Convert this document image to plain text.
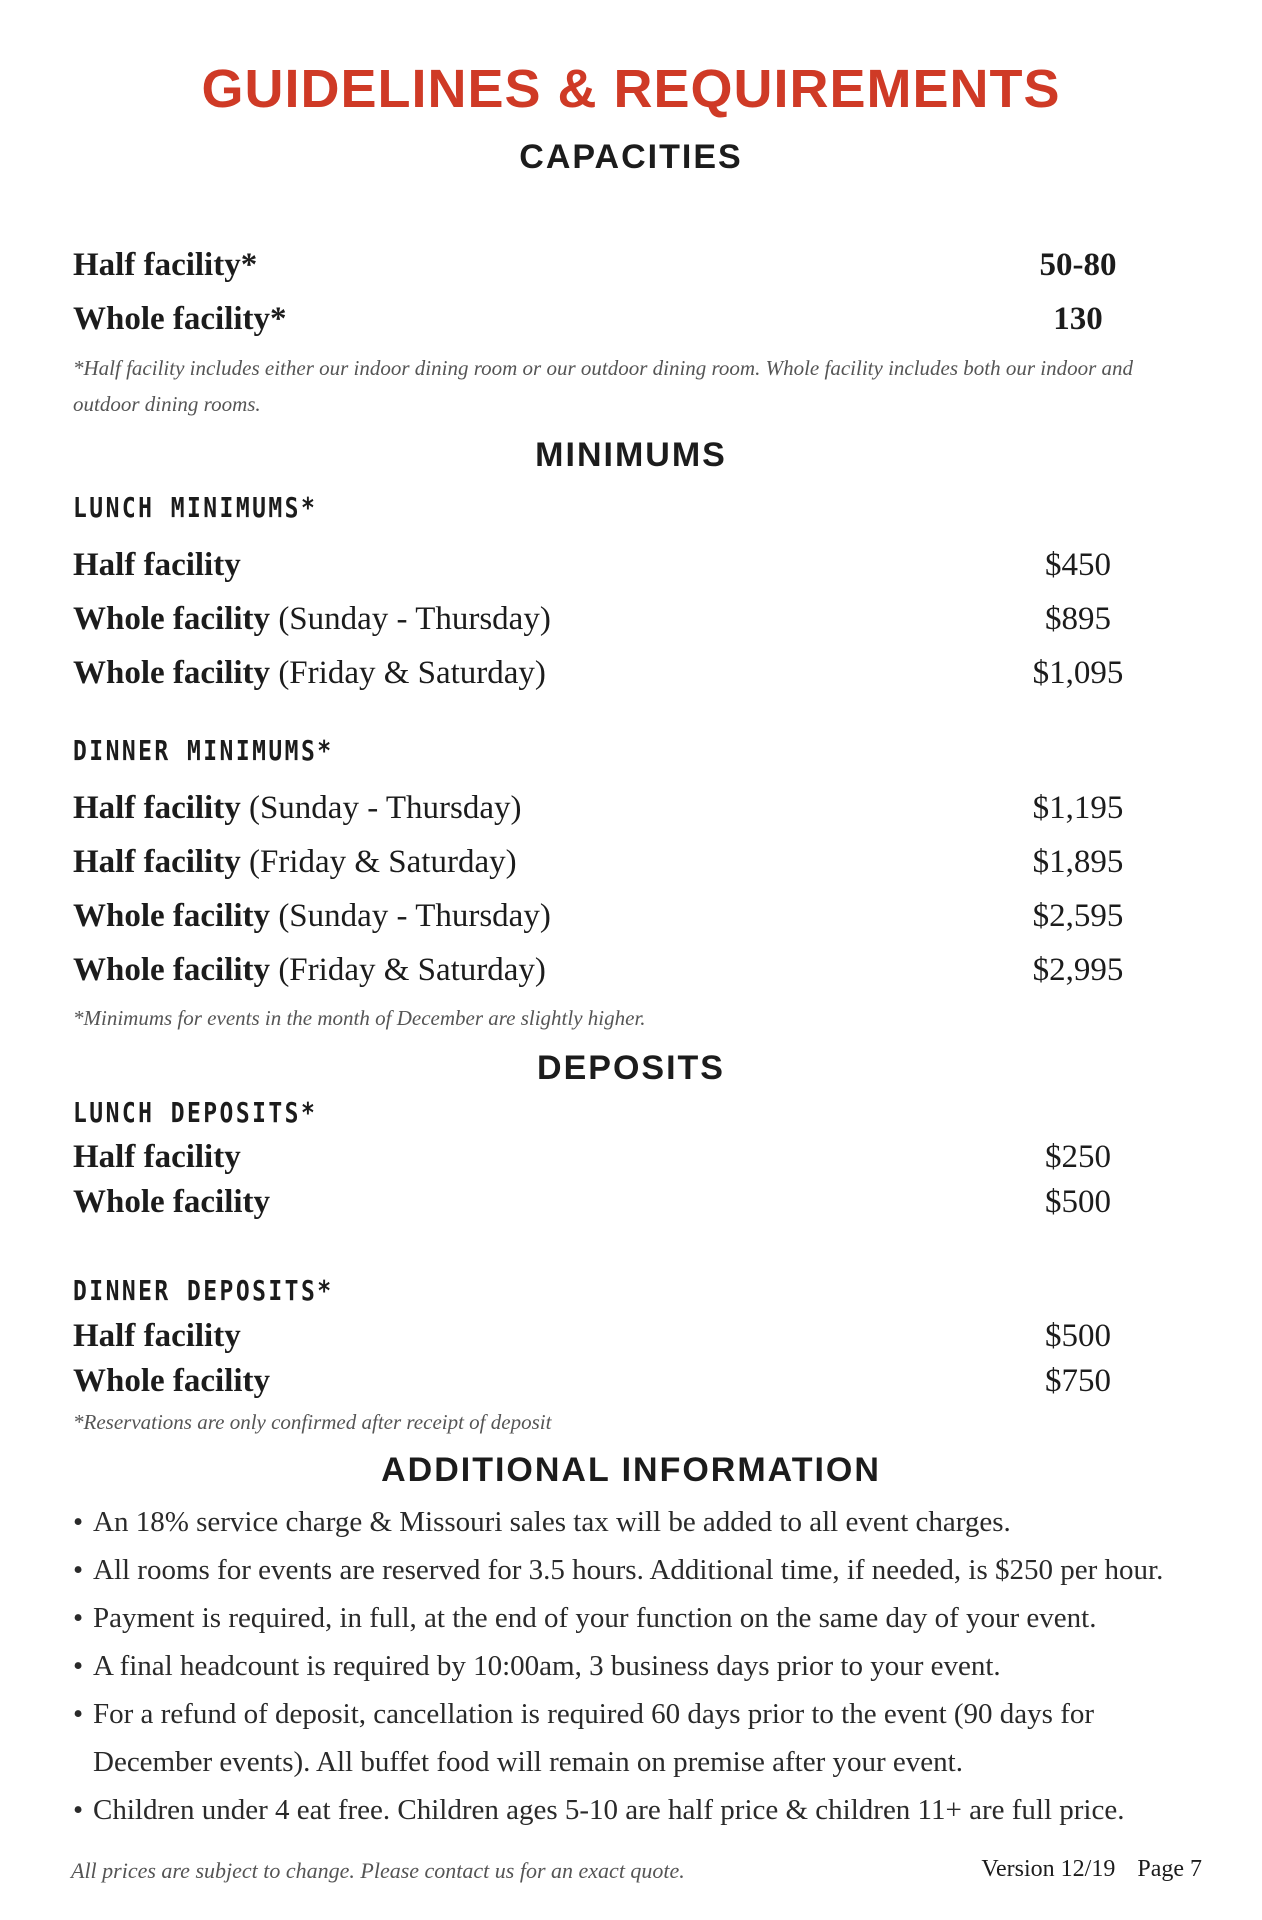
GUIDELINES & REQUIREMENTS
CAPACITIES
Half facility*	50-80
Whole facility*	130
*Half facility includes either our indoor dining room or our outdoor dining room. Whole facility includes both our indoor and outdoor dining rooms.
MINIMUMS
LUNCH MINIMUMS*
Half facility	$450
Whole facility (Sunday - Thursday)	$895
Whole facility (Friday & Saturday)	$1,095
DINNER MINIMUMS*
Half facility (Sunday - Thursday)	$1,195
Half facility (Friday & Saturday)	$1,895
Whole facility (Sunday - Thursday)	$2,595
Whole facility (Friday & Saturday)	$2,995
*Minimums for events in the month of December are slightly higher.
DEPOSITS
LUNCH DEPOSITS*
Half facility	$250
Whole facility	$500
DINNER DEPOSITS*
Half facility	$500
Whole facility	$750
*Reservations are only confirmed after receipt of deposit
ADDITIONAL INFORMATION
• An 18% service charge & Missouri sales tax will be added to all event charges.
• All rooms for events are reserved for 3.5 hours. Additional time, if needed, is $250 per hour.
• Payment is required, in full, at the end of your function on the same day of your event.
• A final headcount is required by 10:00am, 3 business days prior to your event.
• For a refund of deposit, cancellation is required 60 days prior to the event (90 days for December events). All buffet food will remain on premise after your event.
• Children under 4 eat free. Children ages 5-10 are half price & children 11+ are full price.
All prices are subject to change. Please contact us for an exact quote.	Version 12/19 Page 7
